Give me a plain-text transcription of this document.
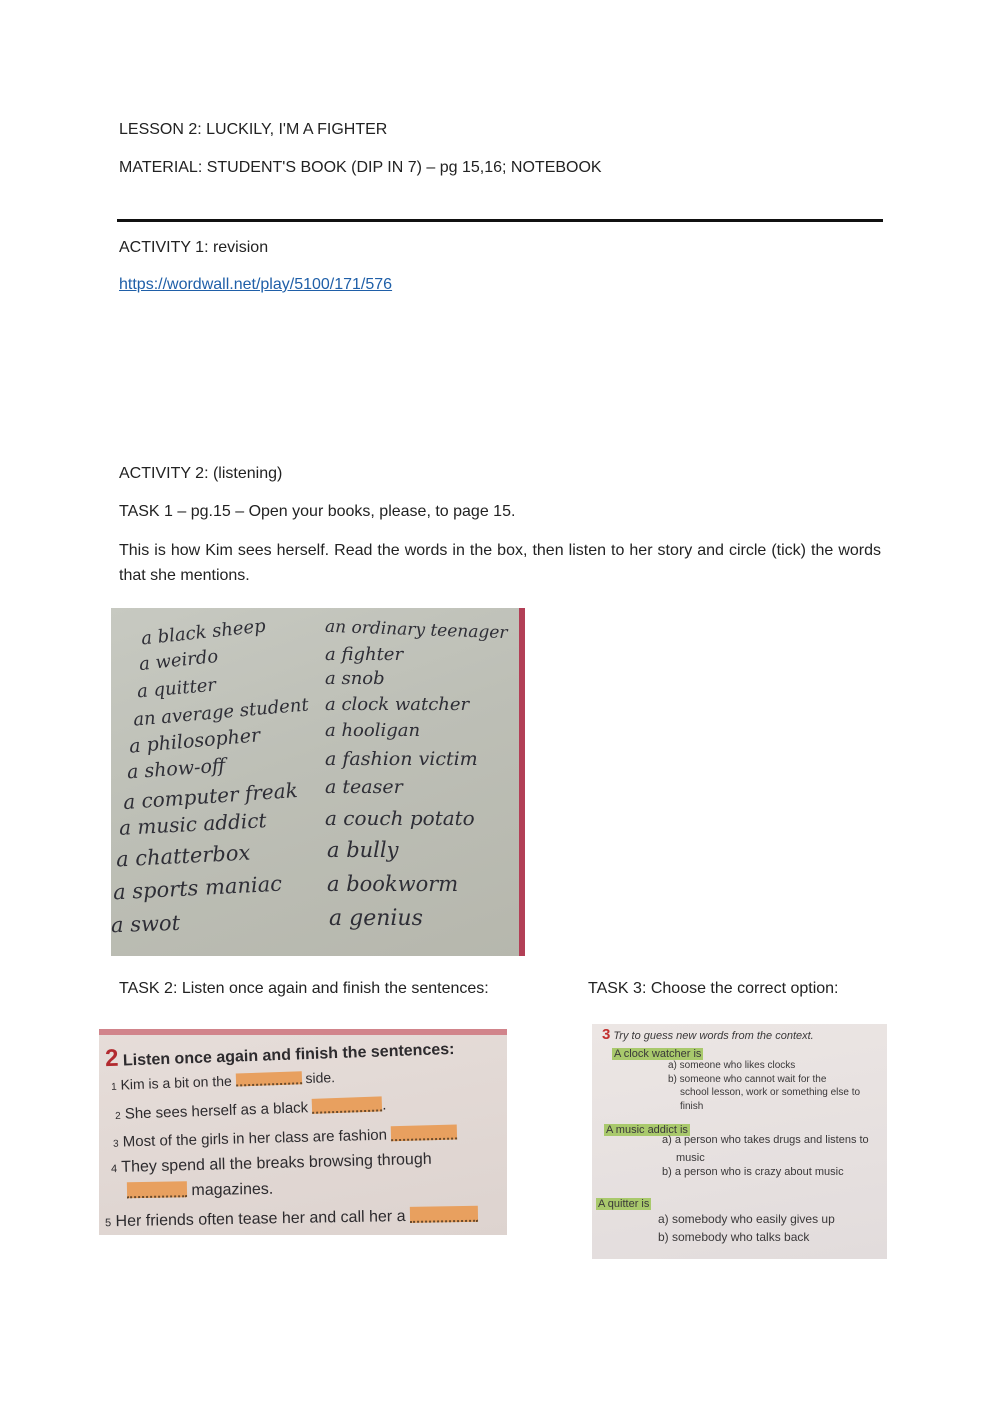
LESSON 2: LUCKILY, I'M A FIGHTER
MATERIAL: STUDENT'S BOOK (DIP IN 7) – pg 15,16; NOTEBOOK
ACTIVITY 1: revision
https://wordwall.net/play/5100/171/576
ACTIVITY 2: (listening)
TASK 1 – pg.15 – Open your books, please, to page 15.
This is how Kim sees herself. Read the words in the box, then listen to her story and circle (tick) the words that she mentions.
a black sheep
a weirdo
a quitter
an average student
a philosopher
a show-off
a computer freak
a music addict
a chatterbox
a sports maniac
a swot
an ordinary teenager
a fighter
a snob
a clock watcher
a hooligan
a fashion victim
a teaser
a couch potato
a bully
a bookworm
a genius
TASK 2: Listen once again and finish the sentences:	TASK 3: Choose the correct option:
2 Listen once again and finish the sentences:
1 Kim is a bit on the	side.
2 She sees herself as a black	.
3 Most of the girls in her class are fashion
4 They spend all the breaks browsing through
magazines.
5 Her friends often tease her and call her a
3 Try to guess new words from the context.
A clock watcher is
a) someone who likes clocks
b) someone who cannot wait for the
school lesson, work or something else to
finish
A music addict is
a) a person who takes drugs and listens to
music
b) a person who is crazy about music
A quitter is
a) somebody who easily gives up
b) somebody who talks back
